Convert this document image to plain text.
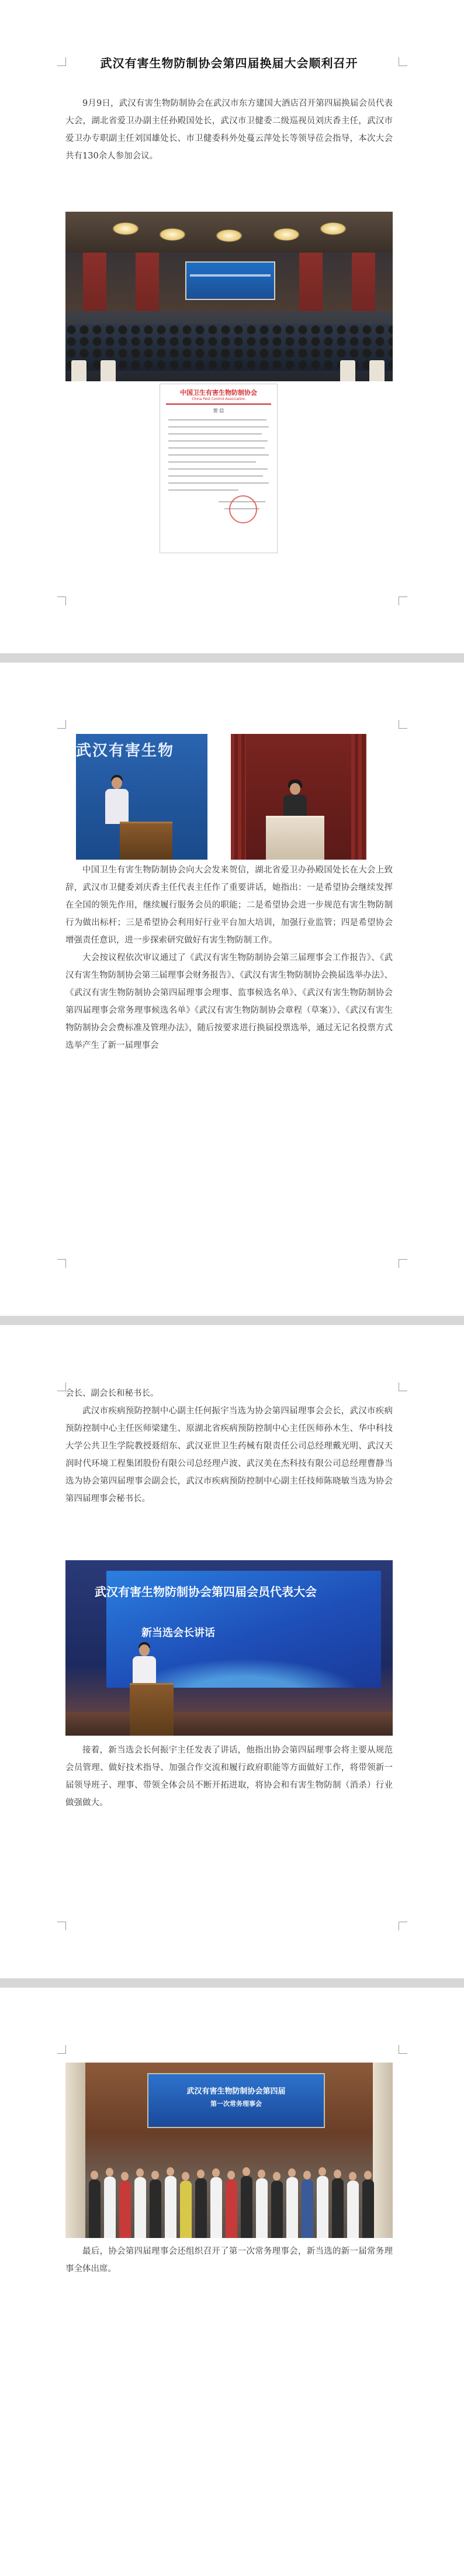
武汉有害生物防制协会第四届换届大会顺利召开

9月9日，武汉有害生物防制协会在武汉市东方建国大酒店召开第四届换届会员代表大会，湖北省爱卫办副主任孙殿国处长，武汉市卫健委二级巡视员刘庆香主任，武汉市爱卫办专职副主任刘国雄处长、市卫健委科外处蔓云萍处长等领导莅会指导，本次大会共有130余人参加会议。

中国卫生有害生物防制协会
China Pest Control Association
贺 信
武汉有害生物

中国卫生有害生物防制协会向大会发来贺信，湖北省爱卫办孙殿国处长在大会上致辞，武汉市卫健委刘庆香主任代表主任作了重要讲话，她指出：一是希望协会继续发挥在全国的领先作用，继续履行服务会员的职能；二是希望协会进一步规范有害生物防制行为做出标杆；三是希望协会利用好行业平台加大培训，加强行业监管；四是希望协会增强责任意识，进一步探索研究做好有害生物防制工作。

大会按议程依次审议通过了《武汉有害生物防制协会第三届理事会工作报告》、《武汉有害生物防制协会第三届理事会财务报告》、《武汉有害生物防制协会换届选举办法》、《武汉有害生物防制协会第四届理事会理事、监事候选名单》、《武汉有害生物防制协会第四届理事会常务理事候选名单》《武汉有害生物防制协会章程（草案）》、《武汉有害生物防制协会会费标准及管理办法》，随后按要求进行换届投票选举，通过无记名投票方式选举产生了新一届理事会

会长、副会长和秘书长。

武汉市疾病预防控制中心副主任何振宇当选为协会第四届理事会会长，武汉市疾病预防控制中心主任医师梁建生、原湖北省疾病预防控制中心主任医师孙木生、华中科技大学公共卫生学院教授聂绍东、武汉亚世卫生药械有限责任公司总经理戴光明、武汉天润时代环境工程集团股份有限公司总经理卢波、武汉美在杰科技有限公司总经理曹静当选为协会第四届理事会副会长，武汉市疾病预防控制中心副主任技师陈晓敏当选为协会第四届理事会秘书长。

武汉有害生物防制协会第四届会员代表大会
新当选会长讲话

接着，新当选会长何振宇主任发表了讲话，他指出协会第四届理事会将主要从规范会员管理、做好技术指导、加强合作交流和履行政府职能等方面做好工作，将带领新一届领导班子、理事、带领全体会员不断开拓进取，将协会和有害生物防制（消杀）行业做强做大。

武汉有害生物防制协会第四届
第一次常务理事会

最后，协会第四届理事会还组织召开了第一次常务理事会，新当选的新一届常务理事全体出席。
